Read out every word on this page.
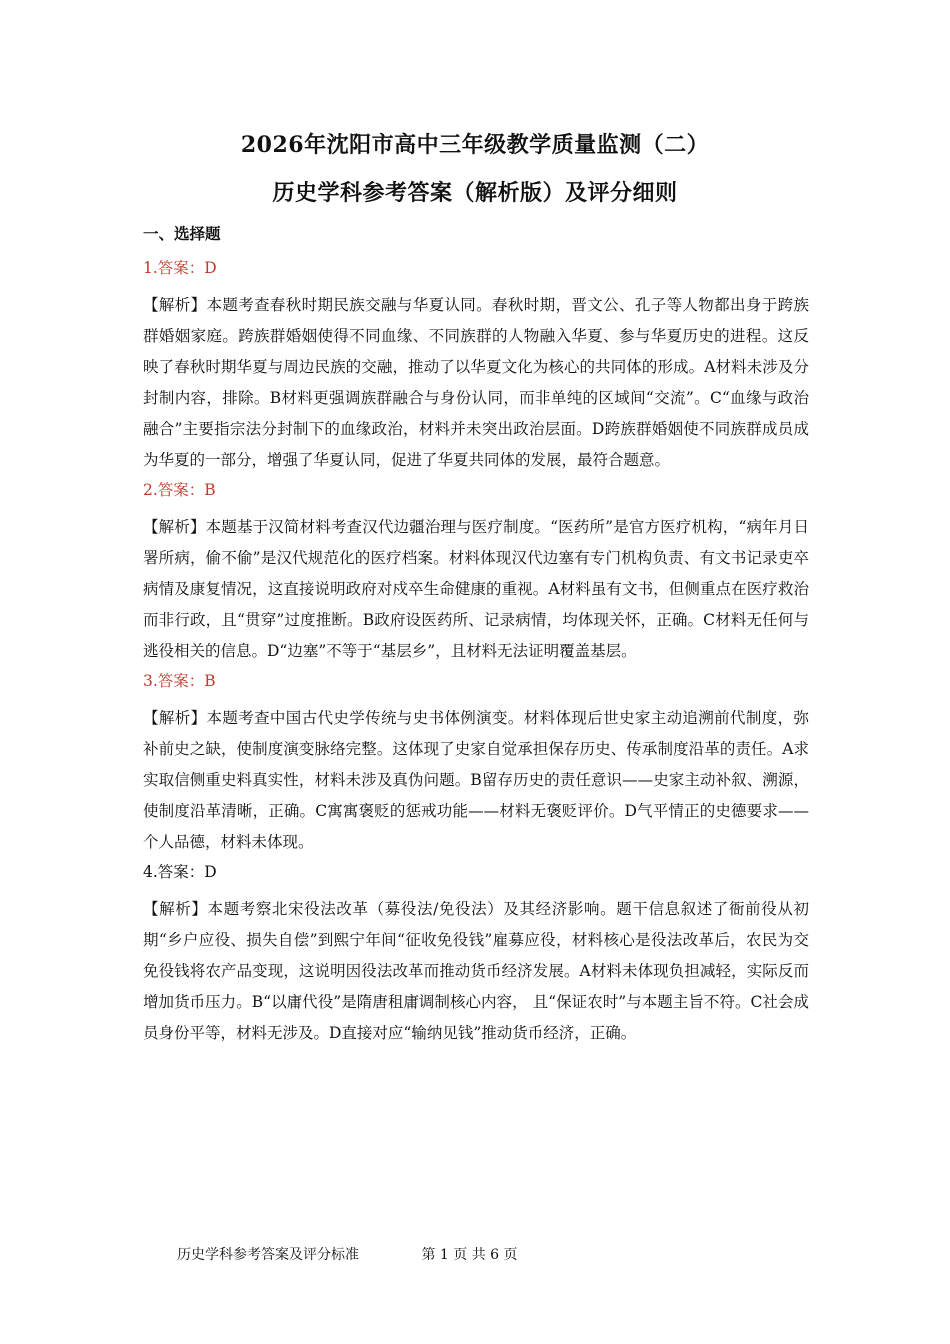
2026年沈阳市高中三年级教学质量监测（二）
历史学科参考答案（解析版）及评分细则
一、选择题
1.答案：D

【解析】本题考查春秋时期民族交融与华夏认同。春秋时期，晋文公、孔子等人物都出身于跨族群婚姻家庭。跨族群婚姻使得不同血缘、不同族群的人物融入华夏、参与华夏历史的进程。这反映了春秋时期华夏与周边民族的交融，推动了以华夏文化为核心的共同体的形成。A材料未涉及分封制内容，排除。B材料更强调族群融合与身份认同，而非单纯的区域间“交流”。C“血缘与政治融合”主要指宗法分封制下的血缘政治，材料并未突出政治层面。D跨族群婚姻使不同族群成员成为华夏的一部分，增强了华夏认同，促进了华夏共同体的发展，最符合题意。

2.答案：B

【解析】本题基于汉简材料考查汉代边疆治理与医疗制度。“医药所”是官方医疗机构，“病年月日署所病，偷不偷”是汉代规范化的医疗档案。材料体现汉代边塞有专门机构负责、有文书记录吏卒病情及康复情况，这直接说明政府对戍卒生命健康的重视。A材料虽有文书，但侧重点在医疗救治而非行政，且“贯穿”过度推断。B政府设医药所、记录病情，均体现关怀，正确。C材料无任何与逃役相关的信息。D“边塞”不等于“基层乡”，且材料无法证明覆盖基层。

3.答案：B

【解析】本题考查中国古代史学传统与史书体例演变。材料体现后世史家主动追溯前代制度，弥补前史之缺，使制度演变脉络完整。这体现了史家自觉承担保存历史、传承制度沿革的责任。A求实取信侧重史料真实性，材料未涉及真伪问题。B留存历史的责任意识——史家主动补叙、溯源，使制度沿革清晰，正确。C寓寓褒贬的惩戒功能——材料无褒贬评价。D气平情正的史德要求——个人品德，材料未体现。

4.答案：D

【解析】本题考察北宋役法改革（募役法/免役法）及其经济影响。题干信息叙述了衙前役从初期“乡户应役、损失自偿”到熙宁年间“征收免役钱”雇募应役，材料核心是役法改革后，农民为交免役钱将农产品变现，这说明因役法改革而推动货币经济发展。A材料未体现负担减轻，实际反而增加货币压力。B“以庸代役”是隋唐租庸调制核心内容， 且“保证农时”与本题主旨不符。C社会成员身份平等，材料无涉及。D直接对应“输纳见钱”推动货币经济，正确。

历史学科参考答案及评分标准	第 1 页 共 6 页
